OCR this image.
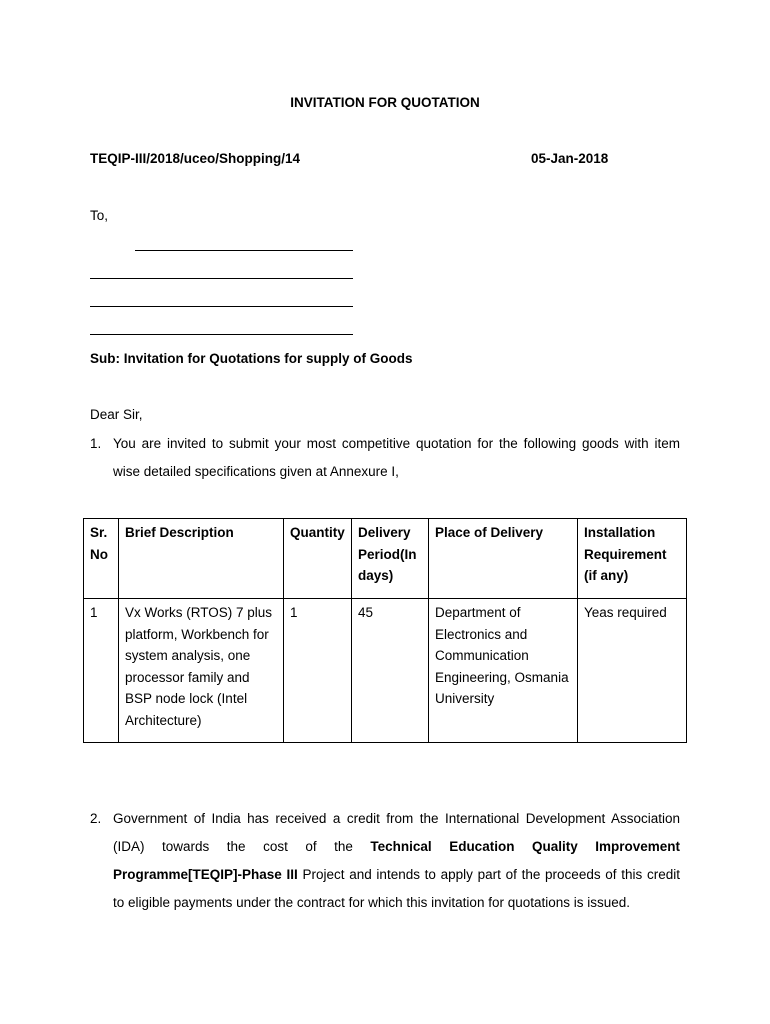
INVITATION FOR QUOTATION
TEQIP-III/2018/uceo/Shopping/14	05-Jan-2018
To,
Sub: Invitation for Quotations for supply of Goods
Dear Sir,
1. You are invited to submit your most competitive quotation for the following goods with item wise detailed specifications given at Annexure I,
Sr. No	Brief Description	Quantity	Delivery Period(In days)	Place of Delivery	Installation Requirement (if any)
1	Vx Works (RTOS) 7 plus platform, Workbench for system analysis, one processor family and BSP node lock (Intel Architecture)	1	45	Department of Electronics and Communication Engineering, Osmania University	Yeas required
2. Government of India has received a credit from the International Development Association (IDA) towards the cost of the Technical Education Quality Improvement Programme[TEQIP]-Phase III Project and intends to apply part of the proceeds of this credit to eligible payments under the contract for which this invitation for quotations is issued.
